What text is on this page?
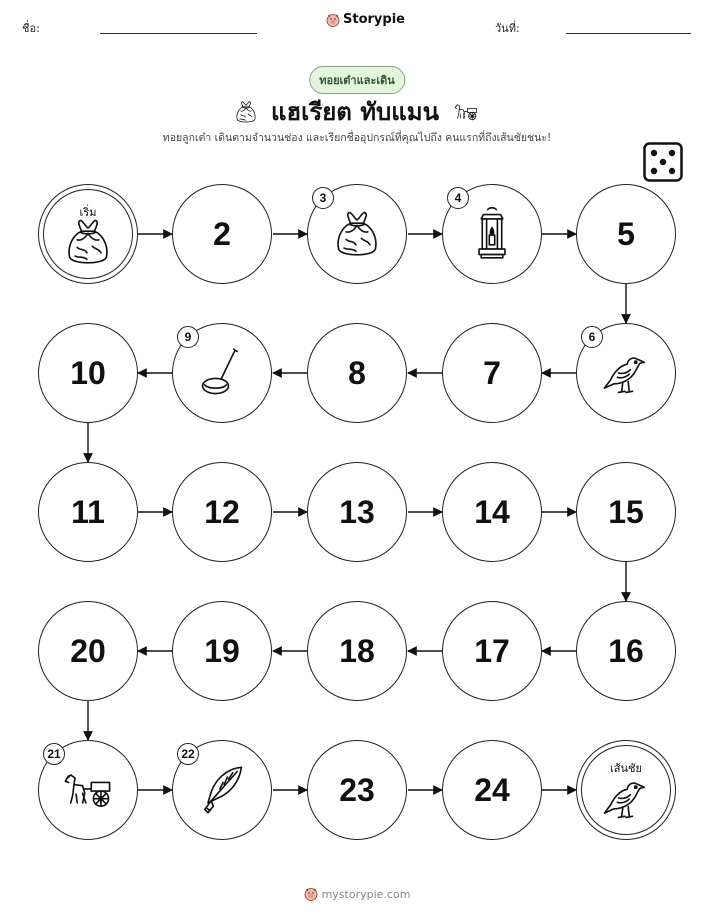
ชื่อ:
Storypie
วันที่:
ทอยเต๋าและเดิน
แฮเรียต ทับแมน
ทอยลูกเต๋า เดินตามจำนวนช่อง และเรียกชื่ออุปกรณ์ที่คุณไปถึง คนแรกที่ถึงเส้นชัยชนะ!
เริ่ม
2
3	4
5
6
7
8
9
10
11	12	13	14	15
16
17
18
19
20
21	22
23	24
เส้นชัย
mystorypie.com
